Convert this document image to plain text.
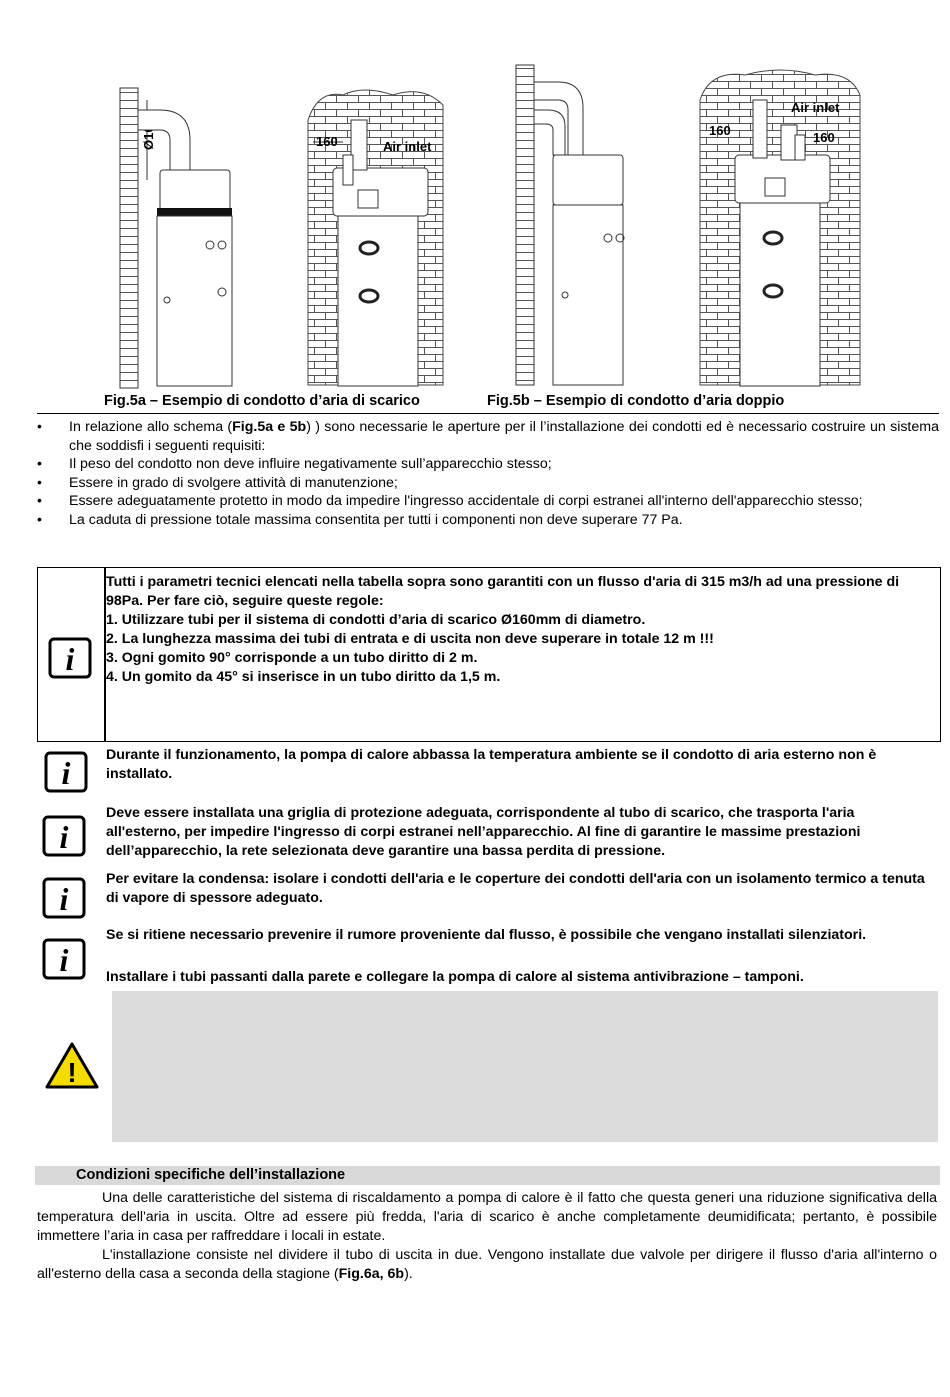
Ø160	160	Air inlet
Air inlet
160	160
Fig.5a – Esempio di condotto d’aria di scarico	Fig.5b – Esempio di condotto d’aria doppio
• In relazione allo schema (Fig.5a e 5b) ) sono necessarie le aperture per il l’installazione dei condotti ed è necessario costruire un sistema che soddisfi i seguenti requisiti:
• Il peso del condotto non deve influire negativamente sull’apparecchio stesso;
• Essere in grado di svolgere attività di manutenzione;
• Essere adeguatamente protetto in modo da impedire l'ingresso accidentale di corpi estranei all'interno dell'apparecchio stesso;
• La caduta di pressione totale massima consentita per tutti i componenti non deve superare 77 Pa.
i

Tutti i parametri tecnici elencati nella tabella sopra sono garantiti con un flusso d'aria di 315 m3/h ad una pressione di 98Pa. Per fare ciò, seguire queste regole:

1. Utilizzare tubi per il sistema di condotti d’aria di scarico Ø160mm di diametro.

2. La lunghezza massima dei tubi di entrata e di uscita non deve superare in totale 12 m !!!

3. Ogni gomito 90° corrisponde a un tubo diritto di 2 m.

4. Un gomito da 45° si inserisce in un tubo diritto da 1,5 m.

i	Durante il funzionamento, la pompa di calore abbassa la temperatura ambiente se il condotto di aria esterno non è installato.

i

Deve essere installata una griglia di protezione adeguata, corrispondente al tubo di scarico, che trasporta l'aria all'esterno, per impedire l'ingresso di corpi estranei nell’apparecchio. Al fine di garantire le massime prestazioni dell’apparecchio, la rete selezionata deve garantire una bassa perdita di pressione.

i

Per evitare la condensa: isolare i condotti dell'aria e le coperture dei condotti dell'aria con un isolamento termico a tenuta di vapore di spessore adeguato.

i

Se si ritiene necessario prevenire il rumore proveniente dal flusso, è possibile che vengano installati silenziatori.

Installare i tubi passanti dalla parete e collegare la pompa di calore al sistema antivibrazione – tamponi.

!
Condizioni specifiche dell’installazione

Una delle caratteristiche del sistema di riscaldamento a pompa di calore è il fatto che questa generi una riduzione significativa della temperatura dell'aria in uscita. Oltre ad essere più fredda, l'aria di scarico è anche completamente deumidificata; pertanto, è possibile immettere l’aria in casa per raffreddare i locali in estate.

L'installazione consiste nel dividere il tubo di uscita in due. Vengono installate due valvole per dirigere il flusso d'aria all'interno o all'esterno della casa a seconda della stagione (Fig.6a, 6b).
